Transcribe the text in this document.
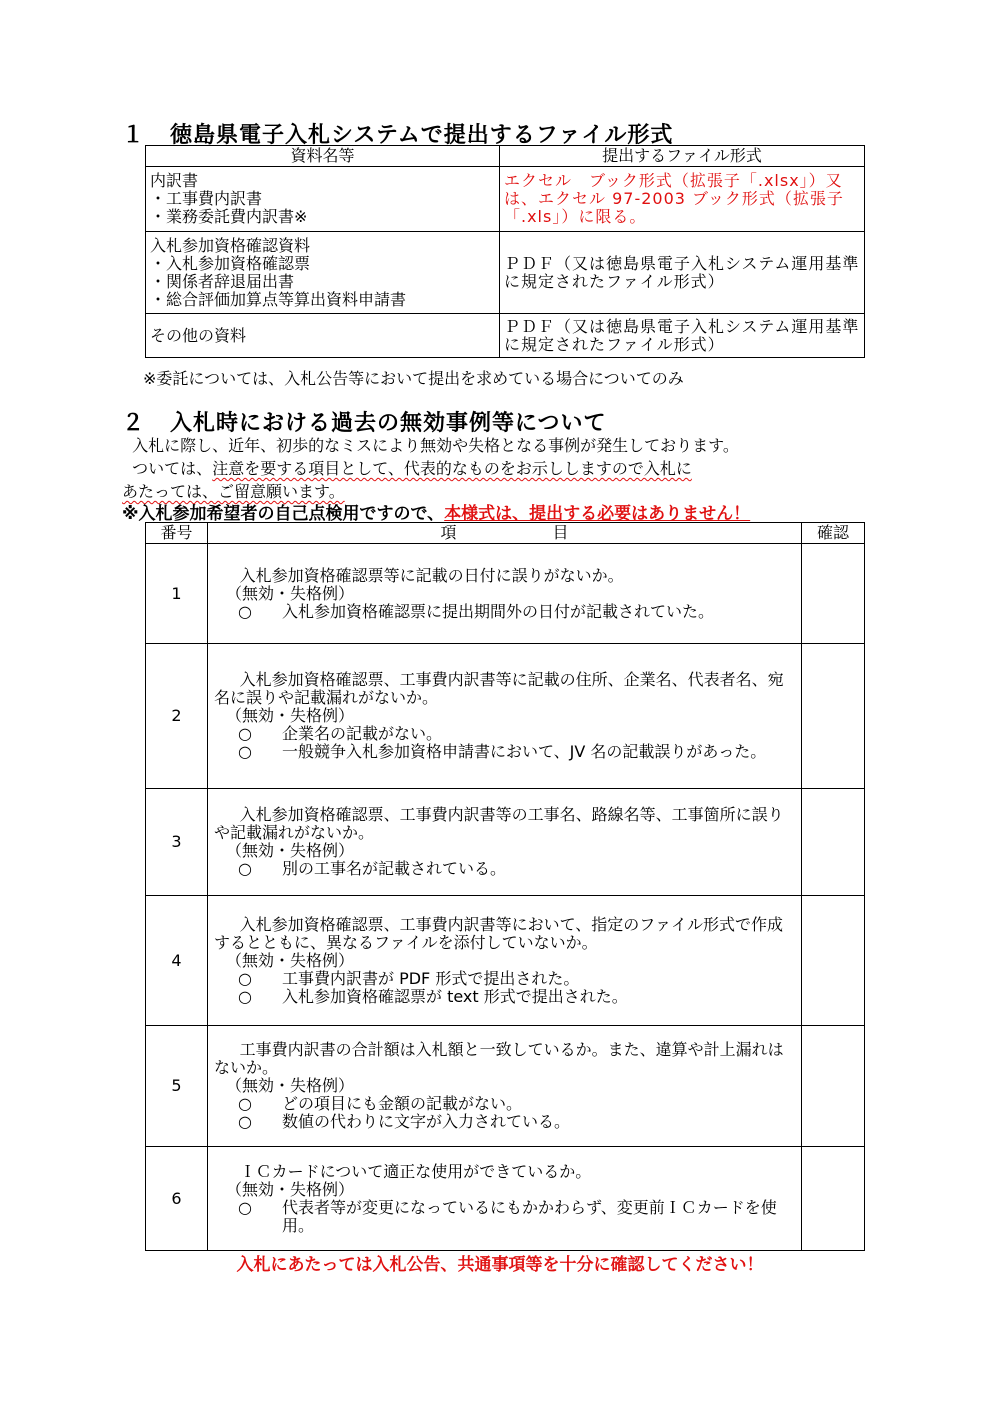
１ 徳島県電子入札システムで提出するファイル形式
資料名等	提出するファイル形式
内訳書
・工事費内訳書
・業務委託費内訳書※	エクセル　ブック形式（拡張子「.xlsx」）又は、エクセル 97-2003 ブック形式（拡張子「.xls」）に限る。
入札参加資格確認資料
・入札参加資格確認票
・関係者辞退届出書
・総合評価加算点等算出資料申請書	ＰＤＦ（又は徳島県電子入札システム運用基準に規定されたファイル形式）
その他の資料	ＰＤＦ（又は徳島県電子入札システム運用基準に規定されたファイル形式）
※委託については、入札公告等において提出を求めている場合についてのみ
２ 入札時における過去の無効事例等について

入札に際し、近年、初歩的なミスにより無効や失格となる事例が発生しております。

ついては、注意を要する項目として、代表的なものをお示ししますので入札に

あたっては、ご留意願います。

※入札参加希望者の自己点検用ですので、本様式は、提出する必要はありません！
番号	項　　　　　　目	確認
1	入札参加資格確認票等に記載の日付に誤りがないか。

（無効・失格例）

○ 入札参加資格確認票に提出期間外の日付が記載されていた。

2	入札参加資格確認票、工事費内訳書等に記載の住所、企業名、代表者名、宛名に誤りや記載漏れがないか。

（無効・失格例）

○ 企業名の記載がない。

○ 一般競争入札参加資格申請書において、JV 名の記載誤りがあった。

3	入札参加資格確認票、工事費内訳書等の工事名、路線名等、工事箇所に誤りや記載漏れがないか。

（無効・失格例）

○ 別の工事名が記載されている。

4	入札参加資格確認票、工事費内訳書等において、指定のファイル形式で作成するとともに、異なるファイルを添付していないか。

（無効・失格例）

○ 工事費内訳書が PDF 形式で提出された。

○ 入札参加資格確認票が text 形式で提出された。

5	工事費内訳書の合計額は入札額と一致しているか。また、違算や計上漏れはないか。

（無効・失格例）

○ どの項目にも金額の記載がない。

○ 数値の代わりに文字が入力されている。

6	ＩＣカードについて適正な使用ができているか。

（無効・失格例）

○ 代表者等が変更になっているにもかかわらず、変更前ＩＣカードを使用。

入札にあたっては入札公告、共通事項等を十分に確認してください！
